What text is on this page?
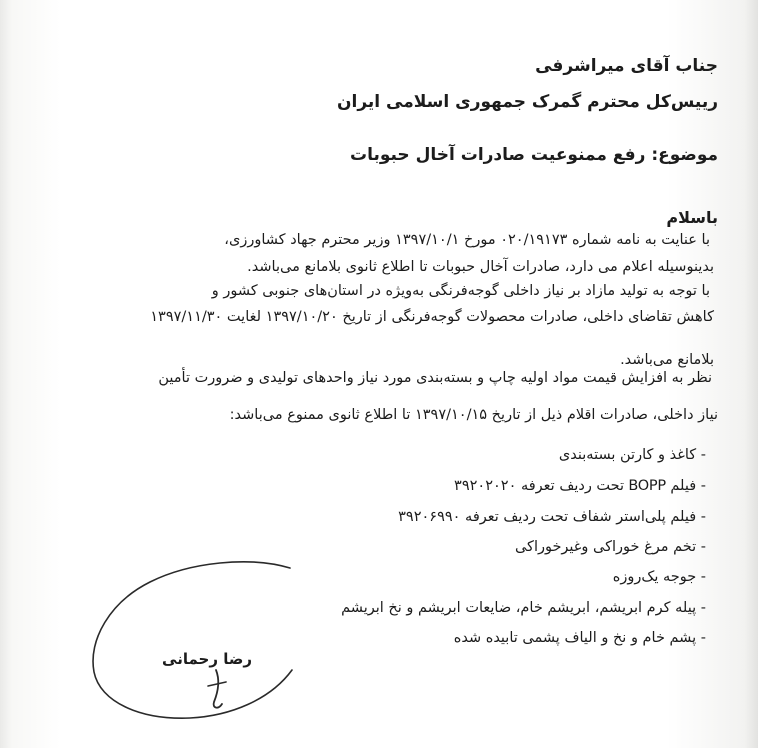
جناب آقای میراشرفی
رییس‌کل محترم گمرک جمهوری اسلامی ایران
موضوع: رفع ممنوعیت صادرات آخال حبوبات
باسلام
با عنایت به نامه شماره ۰۲۰/۱۹۱۷۳ مورخ ۱۳۹۷/۱۰/۱ وزیر محترم جهاد کشاورزی،
بدینوسیله اعلام می دارد، صادرات آخال حبوبات تا اطلاع ثانوی بلامانع می‌باشد.
با توجه به تولید مازاد بر نیاز داخلی گوجه‌فرنگی به‌ویژه در استان‌های جنوبی کشور و
کاهش تقاضای داخلی، صادرات محصولات گوجه‌فرنگی از تاریخ ۱۳۹۷/۱۰/۲۰ لغایت ۱۳۹۷/۱۱/۳۰
بلامانع می‌باشد.
نظر به افزایش قیمت مواد اولیه چاپ و بسته‌بندی مورد نیاز واحدهای تولیدی و ضرورت تأمین
نیاز داخلی، صادرات اقلام ذیل از تاریخ ۱۳۹۷/۱۰/۱۵ تا اطلاع ثانوی ممنوع می‌باشد:
- کاغذ و کارتن بسته‌بندی
- فیلم BOPP تحت ردیف تعرفه ۳۹۲۰۲۰۲۰
- فیلم پلی‌استر شفاف تحت ردیف تعرفه ۳۹۲۰۶۹۹۰
- تخم مرغ خوراکی وغیرخوراکی
- جوجه یک‌روزه
- پیله کرم ابریشم، ابریشم خام، ضایعات ابریشم و نخ ابریشم
- پشم خام و نخ و الیاف پشمی تابیده شده
رضا رحمانی
